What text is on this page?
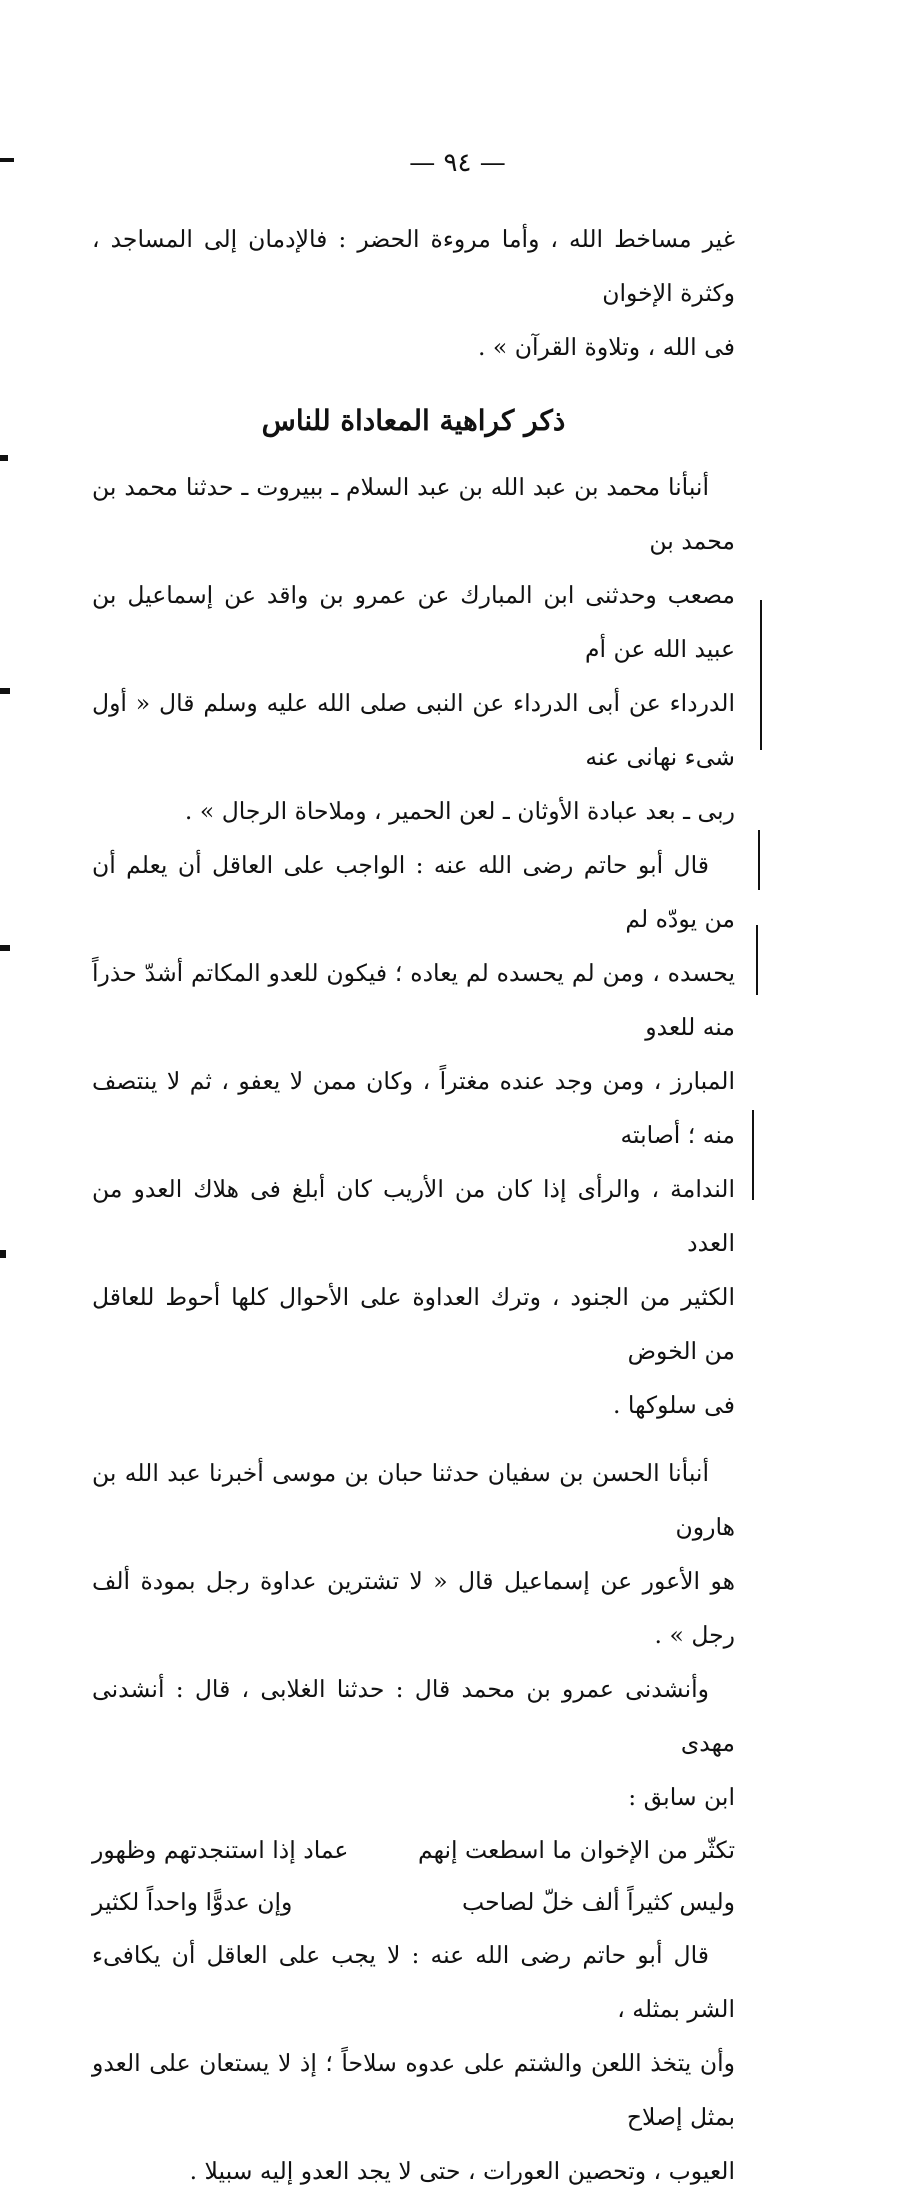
— ٩٤ —

غير مساخط الله ، وأما مروءة الحضر : فالإدمان إلى المساجد ، وكثرة الإخوان

فى الله ، وتلاوة القرآن » .

ذكر كراهية المعاداة للناس

أنبأنا محمد بن عبد الله بن عبد السلام ـ ببيروت ـ حدثنا محمد بن محمد بن

مصعب وحدثنى ابن المبارك عن عمرو بن واقد عن إسماعيل بن عبيد الله عن أم

الدرداء عن أبى الدرداء عن النبى صلى الله عليه وسلم قال « أول شىء نهانى عنه

ربى ـ بعد عبادة الأوثان ـ لعن الحمير ، وملاحاة الرجال » .

قال أبو حاتم رضى الله عنه : الواجب على العاقل أن يعلم أن من يودّه لم

يحسده ، ومن لم يحسده لم يعاده ؛ فيكون للعدو المكاتم أشدّ حذراً منه للعدو

المبارز ، ومن وجد عنده مغتراً ، وكان ممن لا يعفو ، ثم لا ينتصف منه ؛ أصابته

الندامة ، والرأى إذا كان من الأريب كان أبلغ فى هلاك العدو من العدد

الكثير من الجنود ، وترك العداوة على الأحوال كلها أحوط للعاقل من الخوض

فى سلوكها .

أنبأنا الحسن بن سفيان حدثنا حبان بن موسى أخبرنا عبد الله بن هارون

هو الأعور عن إسماعيل قال « لا تشترين عداوة رجل بمودة ألف رجل » .

وأنشدنى عمرو بن محمد قال : حدثنا الغلابى ، قال : أنشدنى مهدى

ابن سابق :

تكثّر من الإخوان ما اسطعت إنهم
عماد إذا استنجدتهم وظهور
وليس كثيراً ألف خلّ لصاحب
وإن عدوًّا واحداً لكثير

قال أبو حاتم رضى الله عنه : لا يجب على العاقل أن يكافىء الشر بمثله ،

وأن يتخذ اللعن والشتم على عدوه سلاحاً ؛ إذ لا يستعان على العدو بمثل إصلاح

العيوب ، وتحصين العورات ، حتى لا يجد العدو إليه سبيلا .
